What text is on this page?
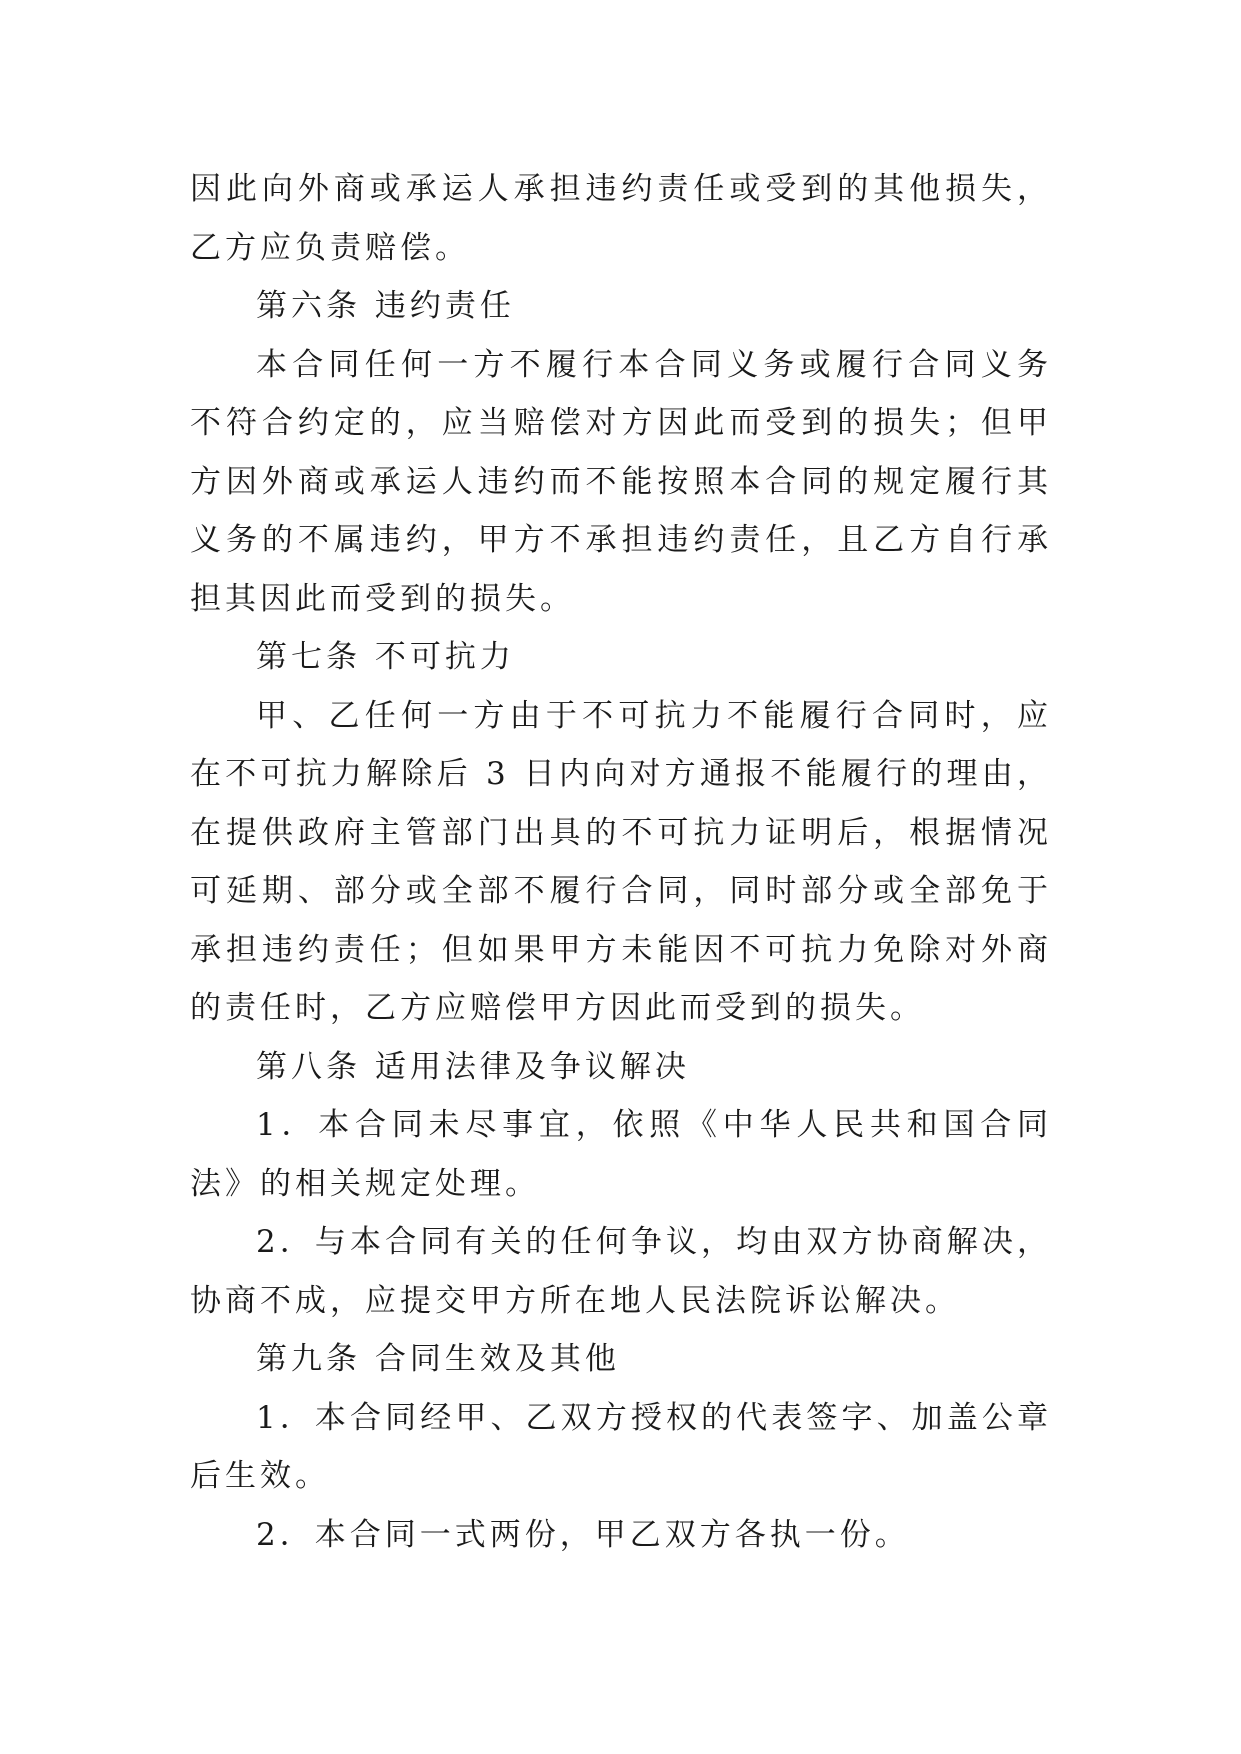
因此向外商或承运人承担违约责任或受到的其他损失，乙方应负责赔偿。

第六条 违约责任

本合同任何一方不履行本合同义务或履行合同义务不符合约定的，应当赔偿对方因此而受到的损失；但甲方因外商或承运人违约而不能按照本合同的规定履行其义务的不属违约，甲方不承担违约责任，且乙方自行承担其因此而受到的损失。

第七条 不可抗力

甲、乙任何一方由于不可抗力不能履行合同时，应在不可抗力解除后 3 日内向对方通报不能履行的理由，在提供政府主管部门出具的不可抗力证明后，根据情况可延期、部分或全部不履行合同，同时部分或全部免于承担违约责任；但如果甲方未能因不可抗力免除对外商的责任时，乙方应赔偿甲方因此而受到的损失。

第八条 适用法律及争议解决

1．本合同未尽事宜，依照《中华人民共和国合同法》的相关规定处理。

2．与本合同有关的任何争议，均由双方协商解决，协商不成，应提交甲方所在地人民法院诉讼解决。

第九条 合同生效及其他

1．本合同经甲、乙双方授权的代表签字、加盖公章后生效。

2．本合同一式两份，甲乙双方各执一份。
